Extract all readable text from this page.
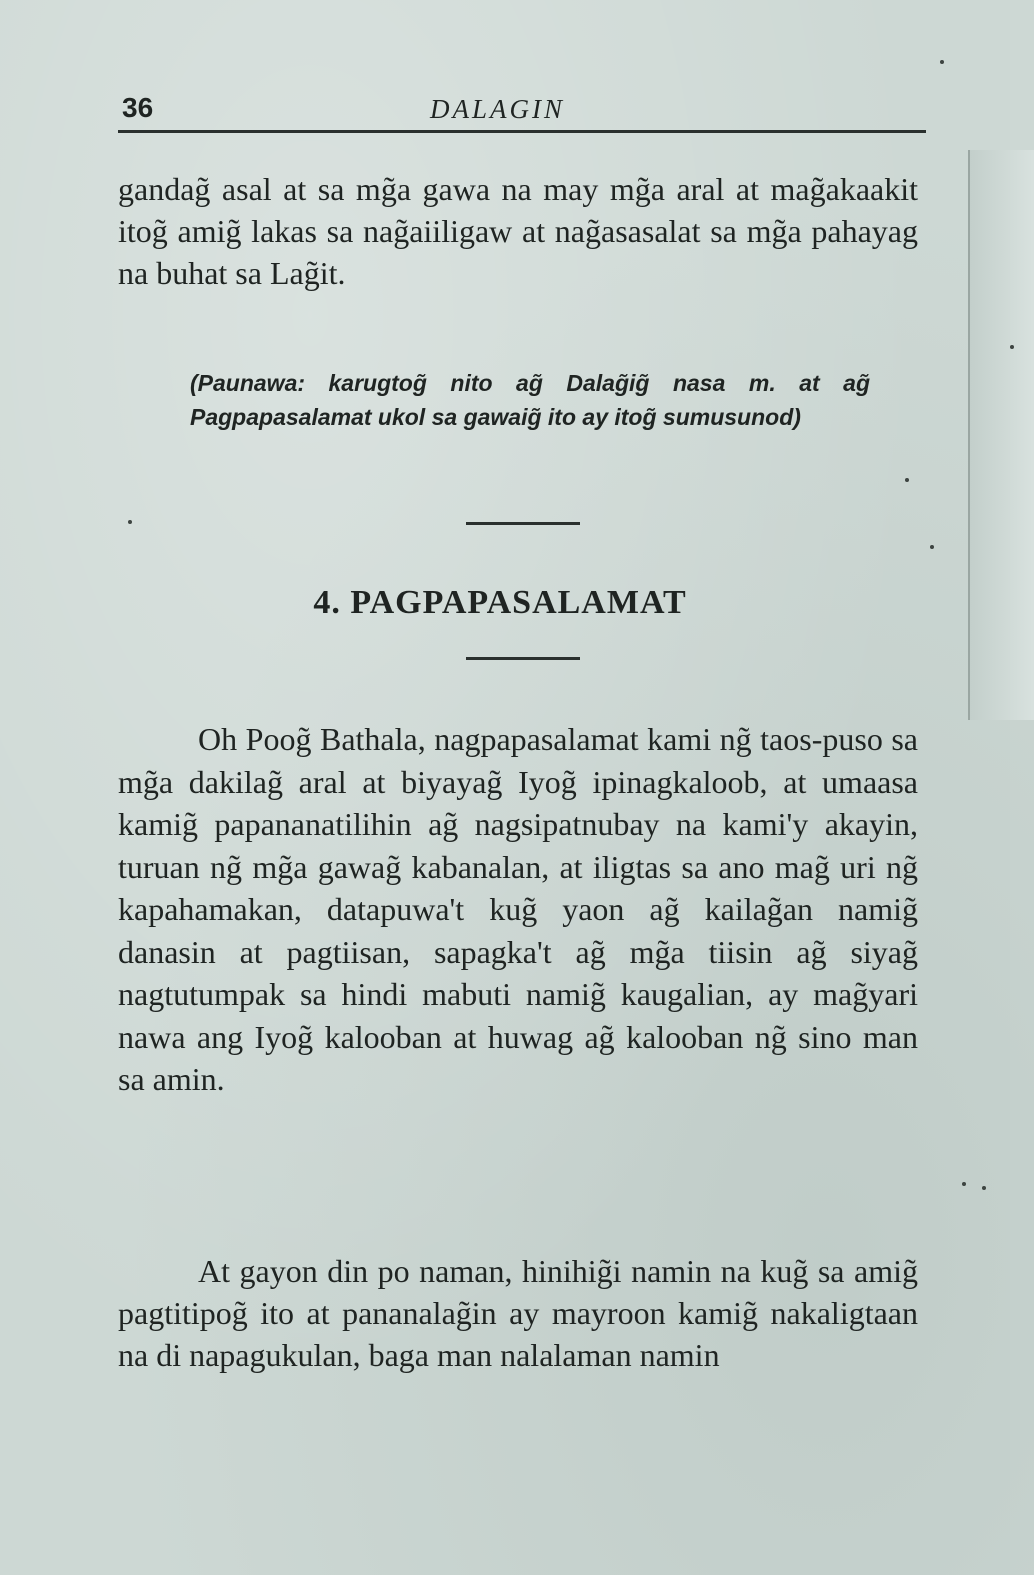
36	DALAGIN

gandag̃ asal at sa mg̃a gawa na may mg̃a aral at mag̃akaakit itog̃ amig̃ lakas sa nag̃aiiligaw at nag̃asasalat sa mg̃a pahayag na buhat sa Lag̃it.

(Paunawa: karugtog̃ nito ag̃ Dalag̃ig̃ nasa m. at ag̃ Pagpapasalamat ukol sa gawaig̃ ito ay itog̃ sumusunod)

4. PAGPAPASALAMAT

Oh Poog̃ Bathala, nagpapasalamat kami ng̃ taos-puso sa mg̃a dakilag̃ aral at biyayag̃ Iyog̃ ipinagkaloob, at umaasa kamig̃ papananatilihin ag̃ nagsipatnubay na kami'y akayin, turuan ng̃ mg̃a gawag̃ kabanalan, at iligtas sa ano mag̃ uri ng̃ kapahamakan, datapuwa't kug̃ yaon ag̃ kailag̃an namig̃ danasin at pagtiisan, sapagka't ag̃ mg̃a tiisin ag̃ siyag̃ nagtutumpak sa hindi mabuti namig̃ kaugalian, ay mag̃yari nawa ang Iyog̃ kalooban at huwag ag̃ kalooban ng̃ sino man sa amin.

At gayon din po naman, hinihig̃i namin na kug̃ sa amig̃ pagtitipog̃ ito at pananalag̃in ay mayroon kamig̃ nakaligtaan na di napagukulan, baga man nalalaman namin
